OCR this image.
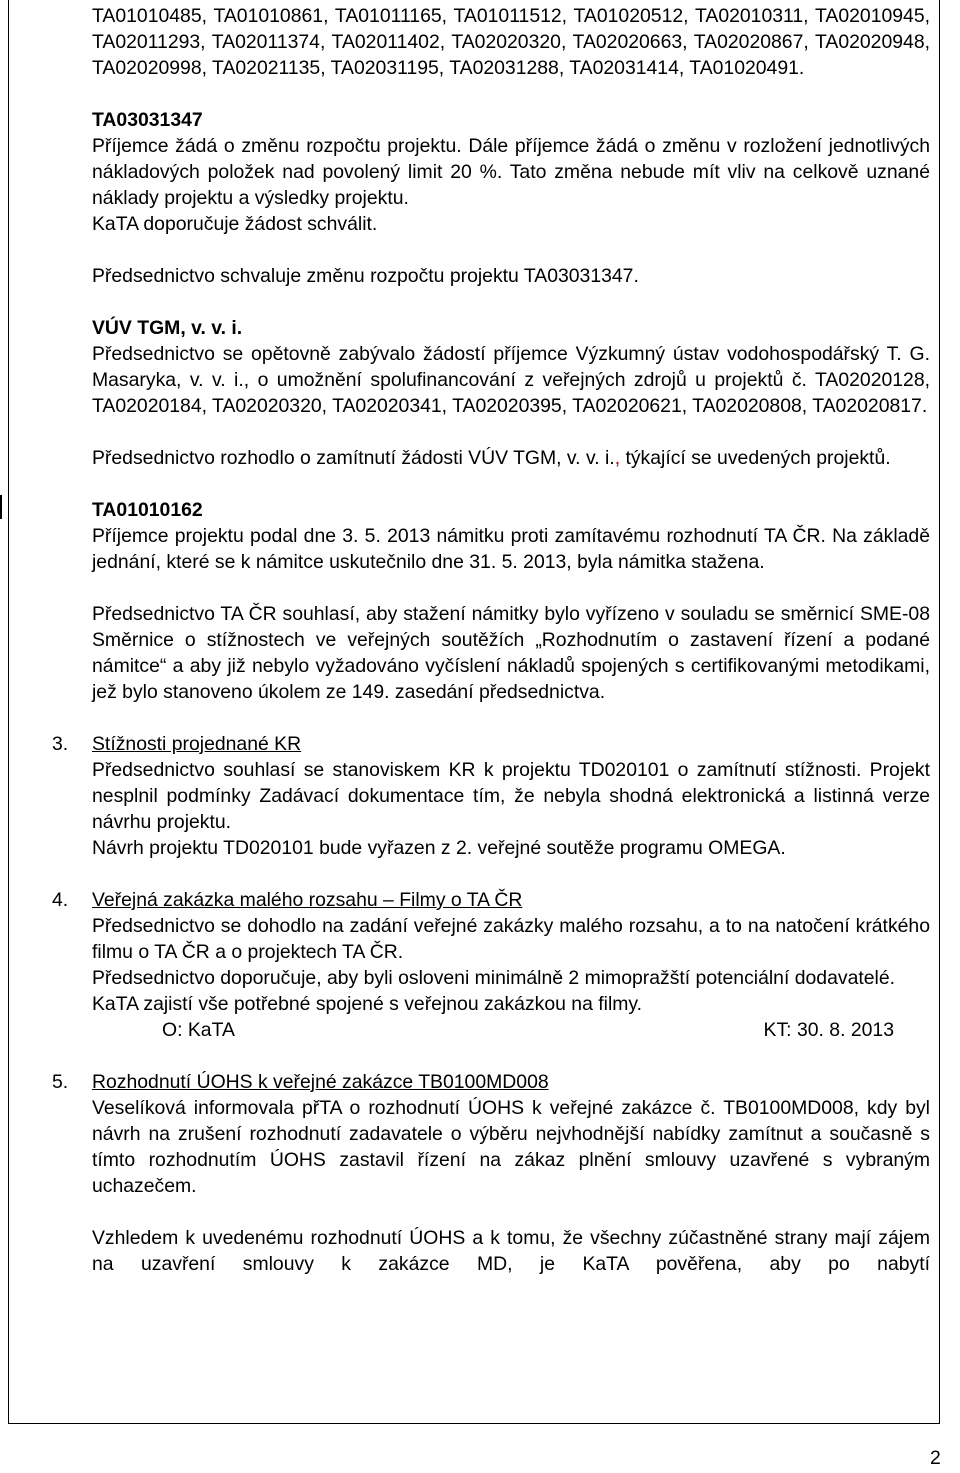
TA01010485, TA01010861, TA01011165, TA01011512, TA01020512, TA02010311, TA02010945, TA02011293, TA02011374, TA02011402, TA02020320, TA02020663, TA02020867, TA02020948, TA02020998, TA02021135, TA02031195, TA02031288, TA02031414, TA01020491.

TA03031347

Příjemce žádá o změnu rozpočtu projektu. Dále příjemce žádá o změnu v rozložení jednotlivých nákladových položek nad povolený limit 20 %. Tato změna nebude mít vliv na celkově uznané náklady projektu a výsledky projektu.

KaTA doporučuje žádost schválit.

Předsednictvo schvaluje změnu rozpočtu projektu TA03031347.

VÚV TGM, v. v. i.

Předsednictvo se opětovně zabývalo žádostí příjemce Výzkumný ústav vodohospodářský T. G. Masaryka, v. v. i., o umožnění spolufinancování z veřejných zdrojů u projektů č. TA02020128, TA02020184, TA02020320, TA02020341, TA02020395, TA02020621, TA02020808, TA02020817.

Předsednictvo rozhodlo o zamítnutí žádosti VÚV TGM, v. v. i., týkající se uvedených projektů.

TA01010162

Příjemce projektu podal dne 3. 5. 2013 námitku proti zamítavému rozhodnutí TA ČR. Na základě jednání, které se k námitce uskutečnilo dne 31. 5. 2013, byla námitka stažena.

Předsednictvo TA ČR souhlasí, aby stažení námitky bylo vyřízeno v souladu se směrnicí SME-08 Směrnice o stížnostech ve veřejných soutěžích „Rozhodnutím o zastavení řízení a podané námitce“ a aby již nebylo vyžadováno vyčíslení nákladů spojených s certifikovanými metodikami, jež bylo stanoveno úkolem ze 149. zasedání předsednictva.

3. Stížnosti projednané KR

Předsednictvo souhlasí se stanoviskem KR k projektu TD020101 o zamítnutí stížnosti. Projekt nesplnil podmínky Zadávací dokumentace tím, že nebyla shodná elektronická a listinná verze návrhu projektu.

Návrh projektu TD020101 bude vyřazen z 2. veřejné soutěže programu OMEGA.

4. Veřejná zakázka malého rozsahu – Filmy o TA ČR

Předsednictvo se dohodlo na zadání veřejné zakázky malého rozsahu, a to na natočení krátkého filmu o TA ČR a o projektech TA ČR.

Předsednictvo doporučuje, aby byli osloveni minimálně 2 mimopražští potenciální dodavatelé.

KaTA zajistí vše potřebné spojené s veřejnou zakázkou na filmy.

O: KaTA	KT: 30. 8. 2013
5. Rozhodnutí ÚOHS k veřejné zakázce TB0100MD008

Veselíková informovala přTA o rozhodnutí ÚOHS k veřejné zakázce č. TB0100MD008, kdy byl návrh na zrušení rozhodnutí zadavatele o výběru nejvhodnější nabídky zamítnut a současně s tímto rozhodnutím ÚOHS zastavil řízení na zákaz plnění smlouvy uzavřené s vybraným uchazečem.

Vzhledem k uvedenému rozhodnutí ÚOHS a k tomu, že všechny zúčastněné strany mají zájem na uzavření smlouvy k zakázce MD, je KaTA pověřena, aby po nabytí

2
